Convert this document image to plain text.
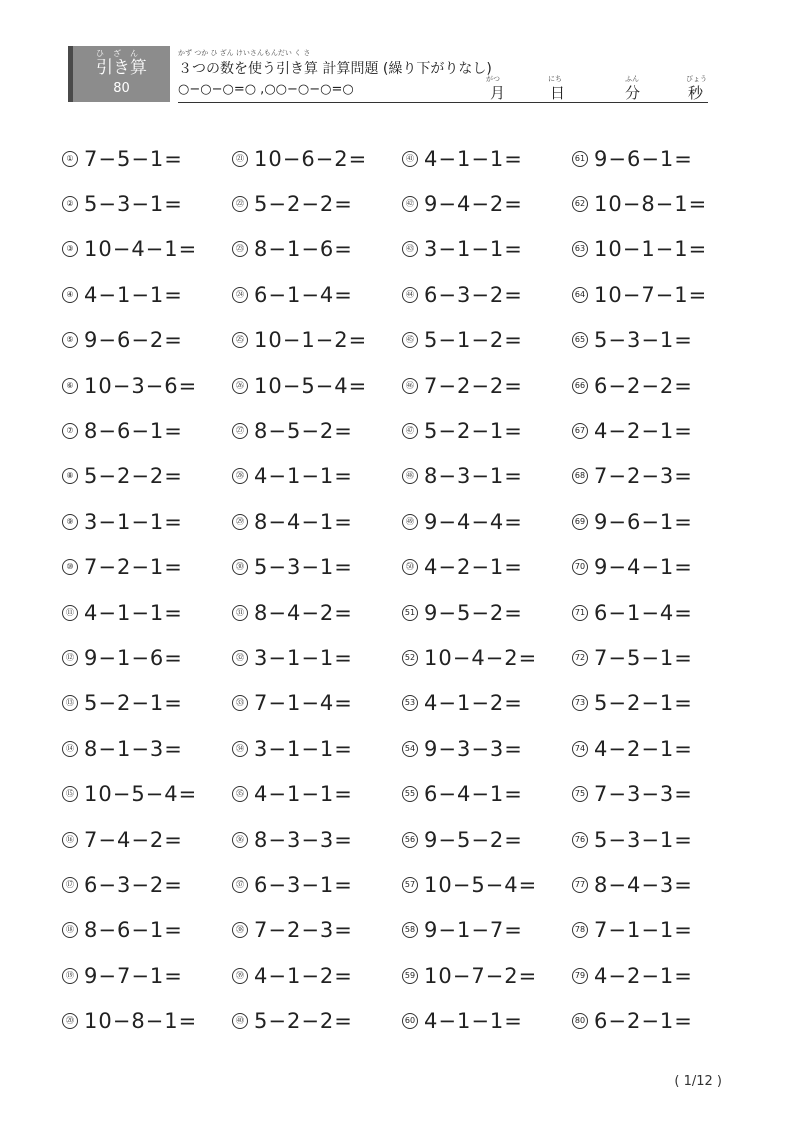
ひざん
引き算
80
かず つか ひ ざん けいさんもんだい く さ
３つの数を使う引き算 計算問題 (繰り下がりなし)
○−○−○=○ ,○○−○−○=○
がつ
月
にち
日
ふん
分
びょう
秒
① 7−5−1=	㉑ 10−6−2=	㊶ 4−1−1=	61 9−6−1=
② 5−3−1=	㉒ 5−2−2=	㊷ 9−4−2=	62 10−8−1=
③ 10−4−1=	㉓ 8−1−6=	㊸ 3−1−1=	63 10−1−1=
④ 4−1−1=	㉔ 6−1−4=	㊹ 6−3−2=	64 10−7−1=
⑤ 9−6−2=	㉕ 10−1−2=	㊺ 5−1−2=	65 5−3−1=
⑥ 10−3−6=	㉖ 10−5−4=	㊻ 7−2−2=	66 6−2−2=
⑦ 8−6−1=	㉗ 8−5−2=	㊼ 5−2−1=	67 4−2−1=
⑧ 5−2−2=	㉘ 4−1−1=	㊽ 8−3−1=	68 7−2−3=
⑨ 3−1−1=	㉙ 8−4−1=	㊾ 9−4−4=	69 9−6−1=
⑩ 7−2−1=	㉚ 5−3−1=	㊿ 4−2−1=	70 9−4−1=
⑪ 4−1−1=	㉛ 8−4−2=	51 9−5−2=	71 6−1−4=
⑫ 9−1−6=	㉜ 3−1−1=	52 10−4−2=	72 7−5−1=
⑬ 5−2−1=	㉝ 7−1−4=	53 4−1−2=	73 5−2−1=
⑭ 8−1−3=	㉞ 3−1−1=	54 9−3−3=	74 4−2−1=
⑮ 10−5−4=	㉟ 4−1−1=	55 6−4−1=	75 7−3−3=
⑯ 7−4−2=	㊱ 8−3−3=	56 9−5−2=	76 5−3−1=
⑰ 6−3−2=	㊲ 6−3−1=	57 10−5−4=	77 8−4−3=
⑱ 8−6−1=	㊳ 7−2−3=	58 9−1−7=	78 7−1−1=
⑲ 9−7−1=	㊴ 4−1−2=	59 10−7−2=	79 4−2−1=
⑳ 10−8−1=	㊵ 5−2−2=	60 4−1−1=	80 6−2−1=
( 1/12 )
